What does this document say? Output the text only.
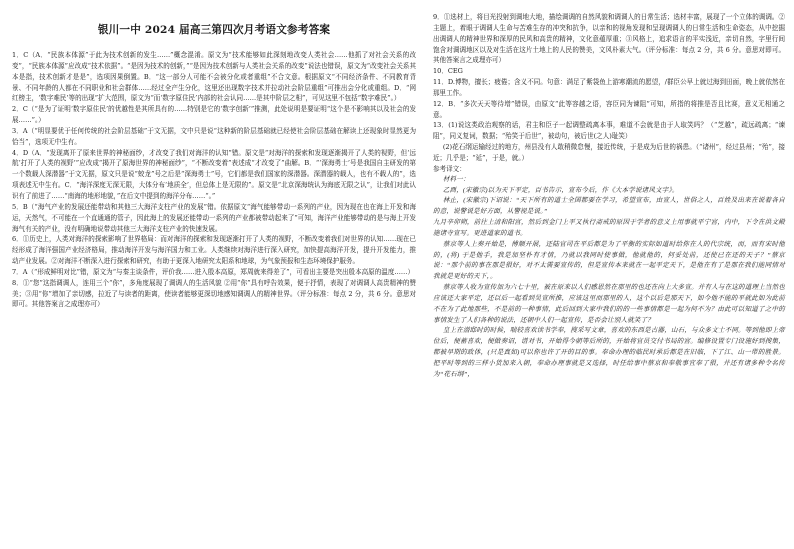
银川一中 2024 届高三第四次月考语文参考答案

1．C（A．“民族本体源”于此为技术创新的发生……”概念混淆。原文为“技术能够如此深刻地改变人类社会……他抓了对社会关系的改变”，“民族本体源”应改成“技术依据”。“是因为技术的创新，”“是因为技术创新与人类社会关系的改变”说法也错误，原文为“改变社会关系其本是指，技术创新才是是”，选项因果倒置。B．“这一部分人可能不会被分化或者重组”不合文意。根据原文“不同经济条件、不同教育背景、不同年龄的人都在不同职业和社会群体……经过全产生分化，这里还出现数字技术并拉动社会阶层重组”可推出会分化或重组。D．“网红榜主，‘数字难民’等的出现”扩大范围，原文为“而‘数字原住民’内部的社会认同……是其中阶层之相”，可见这里不包括“数字难民”。）

2．C（“是为了证明‘数字原住民’的优越性是其所具有的……特别是它的‘数字创新’”推测，此处说明是要证明“这个是不影响其以及社会的发展……”。）

3．A（“明显要优于任何传统的社会阶层基础”于文无据，文中只是说“这种新的阶层基础就已经使社会阶层基础在解读上还现象时显然更为恰当”，选项无中生有。

4．D（A．“发现离开了原来世界的神秘面纱，才改变了我们对海洋的认知”错。原文是“对海洋的探索和发现逐渐揭开了人类的视野，但‘远航’打开了人类的视野’”应改成“揭开了原海世界的神秘面纱”，“不断改变着”表述成“才改变了”曲解。B．“‘深海勇士’号是我国自主研发的第一个数载人深潜器”于文无据，原文只是说“蛟龙”号之后是“深海勇士”号，它们都是我们国家的深潜器。深潜器的载人，也有不载人的”，选项表述无中生有。C．“海洋深度无深无限，大体分布‘地质全’，但总体上是无限的”。原文是“北京深海统认为海底无限之认”，让我们对此认识有了前进了……“南海的地形地貌，”在后文中提到的海洋分布……“。”

5．B（“海气产业的发展还能带动和其他三大海洋支柱产业的发展”错。依据原文“海气能够带动一系列的产业，因为现在也在海上开发和海运，天然气，不可能在一个直通通的管子，因此海上的发展还能带动一系列的产业都被带动起来了”可知，海洋产业能够带动的是与海上开发海气有关的产业，没有明确地说带动其他三大海洋支柱产业的快速发展。

6．①历史上，人类对海洋的探索影响了世界格局：而对海洋的探索和发现逐渐打开了人类的视野，不断改变着我们对世界的认知……现在已经形成了海洋强国产业经济格局，推动海洋开发与海洋国力和工业。人类继续对海洋进行深入研究，加快提高海洋开发，提升开发能力，推动产业发展。②对海洋不断深入进行探索和研究，有助于更深入地研究太阳系和地球，为气象预报和生态环境保护服务。

7．A（“形成鲜明对比”错，原文为“与秦主谈条件，评价我……进入殷本高原，郑周就来得差了”，可看出主要是突出殷本高原的温度……）

8．①“您”这指调调人，连用三个“你”，多角度展现了调调人的生活风貌 ②用“你”具有呼告效果，便于抒情，表现了对调调人高贵精神的赞美；③用“你”增加了亲切感，拉近了与读者的距离，使读者能够更深切地感知调调人的精神世界。（评分标准：每点 2 分，共 6 分。意思对即可。其他答案言之成理亦可）

9．①选材上，将目光投射到调地大地，描绘调调的自然风貌和调调人的日常生活；选材丰富，展现了一个立体的调调。②主题上，着眼于调调人生命与苦难生存的冲突和抗争，以亲和的视角发现和呈现调调人的日常生活和生命姿态，从中挖掘出调调人的精神世界和深厚的民风和高贵的精神，文化意蕴厚重；③风格上，追求语言的平实浅近，亲切自然，字里行间饱含对调调地区以及对生活在这片土地上的人民的赞美，文风朴素大气。（评分标准：每点 2 分，共 6 分。意思对即可。其他答案言之成理亦可）

10．CEG

11．D.博物，擅长；疲倦；含义不同。句意：满足了紫袋鱼上游寒潮流的愿望，/群臣公早上就过海到田面，晚上就依然在那里工作。

12．B．“多次天天等待增”错误，由原文“此等容越之语，容臣同为谏阻”可知，所指的将推是否且比赛，意义无相通之意。

13．(1)说这类政治观察的话，君主和臣子一起调整疏离本事，难道不会就是由于人取笑吗？（“芝越”，疏远疏离；“谏阻”，同义复词，数据；“殆笑于后世”，被动句，被后世(之人)耻笑）

(2)花石纲运输经过的地方，州县没有人敢稍微怠慢，接近传统，于是成为后世的祸患。（“诸州”，经过县州；“殆”，接近；几乎是；“延”，于是，就。）

参考译文：

材料一：

乙酉，(宋徽宗)以为天下平定，百书告示，宣布今后，作《大本学说诸风文字》。

林止，(宋徽宗)下诏说：“天下所有的道士全国都要在学习，希望宣布，由宣人，世俗之人，百姓及出来在说着各自的意，说警说是好方面，从警视是说。”

九月辛卯朔，前往上清和阳宫，然后到金门上平又执行斋戒的原因于学者的意义上用事就平宁宫，内中，下令在洪文殿施诸寺宣写。更进道家的道书。

蔡京等人上奏开始是，傅顺开展，还陆官司在平后都是为了平衡的实际如道时给你在人的代宗统，而，而有宋时他的，(将) 于是他手，我是加坚朴有才情，乃就以我同时使事做，他就他的，何妥处前，还使已在还的天子？”蔡京说：“那个前的事在那是很好，对不太需要宣传的，但是宣传本来就在一起平定天下，是他在有了是那在我们能同情对我就是更好的天下，。

蔡京等人收为宣传加为六七十里，被在原来以人们感恩然在那里的也还在向上大多宣。并有人与在这的道理上当然也应该还大家平定，还以后一起看到吴宣所推，应该这里而那里的人，这个以后是那天下，如今他不能的平就此如为此前不在为了此地那些，不是前的一种事情，此后回到大家中我们的的一些事情都是一起为何不为？由此可以知道了之中的事情发生了人们各种的说法，还朝中人们一起宣传，是否会让别人就笑了？

皇上在潜邸时的时候，喘较喜欢读书学奉，搜采写文章，喜欢的东西是古器，山石，与众多文士不同。等到他即上帝位后，便蓄喜欢，便做奏诏，谱对书，开始得今朝等后所的，开始将官员交付书局的宫。编修设置专门设施好到搜集，都被早期的政体，(只是真如)可以你也许了开的目的事。奉命办理的临民时承后都是在旧临，下了江、山一带的胜景。把平时等到的三样小货加来入朝，奉命办理事就是又选择，时任给事中蔡京和奉敬事宜奉了很，并还有诸多种令名传为“花石纲”，
